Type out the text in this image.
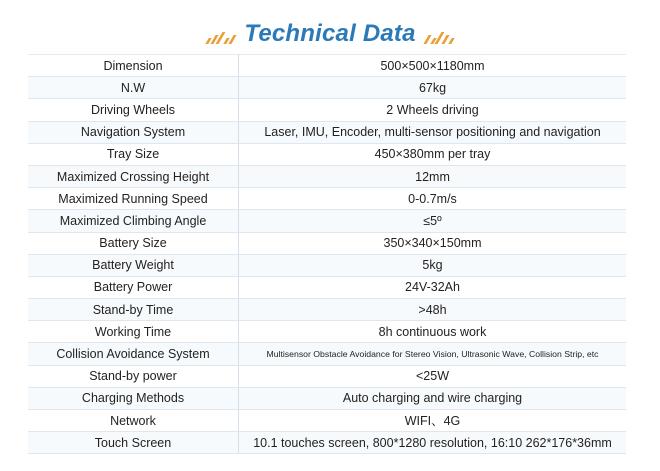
Technical Data
Dimension	500×500×1180mm
N.W	67kg
Driving Wheels	2 Wheels driving
Navigation System	Laser, IMU, Encoder, multi-sensor positioning and navigation
Tray Size	450×380mm per tray
Maximized Crossing Height	12mm
Maximized Running Speed	0-0.7m/s
Maximized Climbing Angle	≤5º
Battery Size	350×340×150mm
Battery Weight	5kg
Battery Power	24V-32Ah
Stand-by Time	>48h
Working Time	8h continuous work
Collision Avoidance System	Multisensor Obstacle Avoidance for Stereo Vision, Ultrasonic Wave, Collision Strip, etc
Stand-by power	<25W
Charging Methods	Auto charging and wire charging
Network	WIFI、4G
Touch Screen	10.1 touches screen, 800*1280 resolution, 16:10 262*176*36mm
